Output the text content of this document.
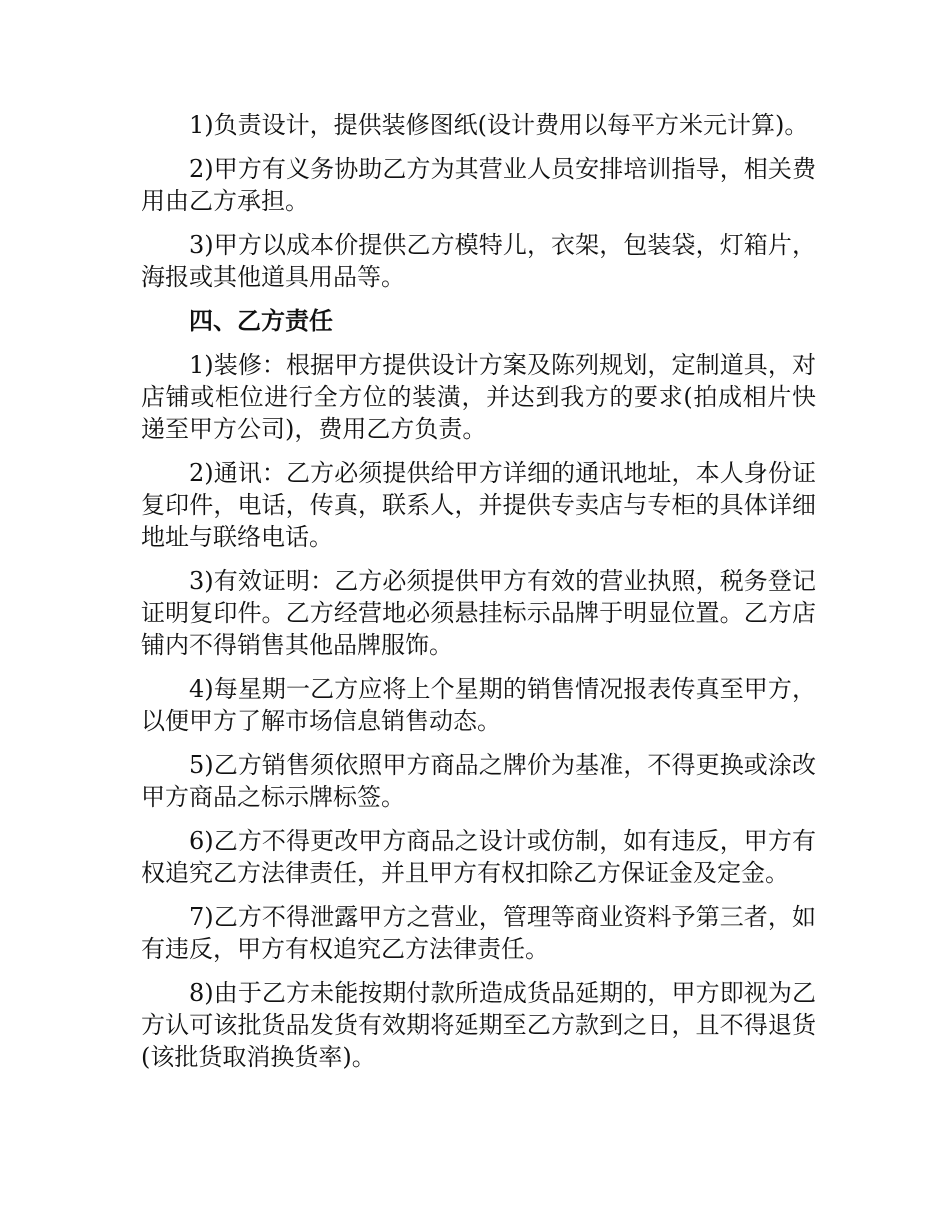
1)负责设计，提供装修图纸(设计费用以每平方米元计算)。

2)甲方有义务协助乙方为其营业人员安排培训指导，相关费用由乙方承担。

3)甲方以成本价提供乙方模特儿，衣架，包装袋，灯箱片，海报或其他道具用品等。

四、乙方责任

1)装修：根据甲方提供设计方案及陈列规划，定制道具，对店铺或柜位进行全方位的装潢，并达到我方的要求(拍成相片快递至甲方公司)，费用乙方负责。

2)通讯：乙方必须提供给甲方详细的通讯地址，本人身份证复印件，电话，传真，联系人，并提供专卖店与专柜的具体详细地址与联络电话。

3)有效证明：乙方必须提供甲方有效的营业执照，税务登记证明复印件。乙方经营地必须悬挂标示品牌于明显位置。乙方店铺内不得销售其他品牌服饰。

4)每星期一乙方应将上个星期的销售情况报表传真至甲方，以便甲方了解市场信息销售动态。

5)乙方销售须依照甲方商品之牌价为基准，不得更换或涂改甲方商品之标示牌标签。

6)乙方不得更改甲方商品之设计或仿制，如有违反，甲方有权追究乙方法律责任，并且甲方有权扣除乙方保证金及定金。

7)乙方不得泄露甲方之营业，管理等商业资料予第三者，如有违反，甲方有权追究乙方法律责任。

8)由于乙方未能按期付款所造成货品延期的，甲方即视为乙方认可该批货品发货有效期将延期至乙方款到之日，且不得退货(该批货取消换货率)。
